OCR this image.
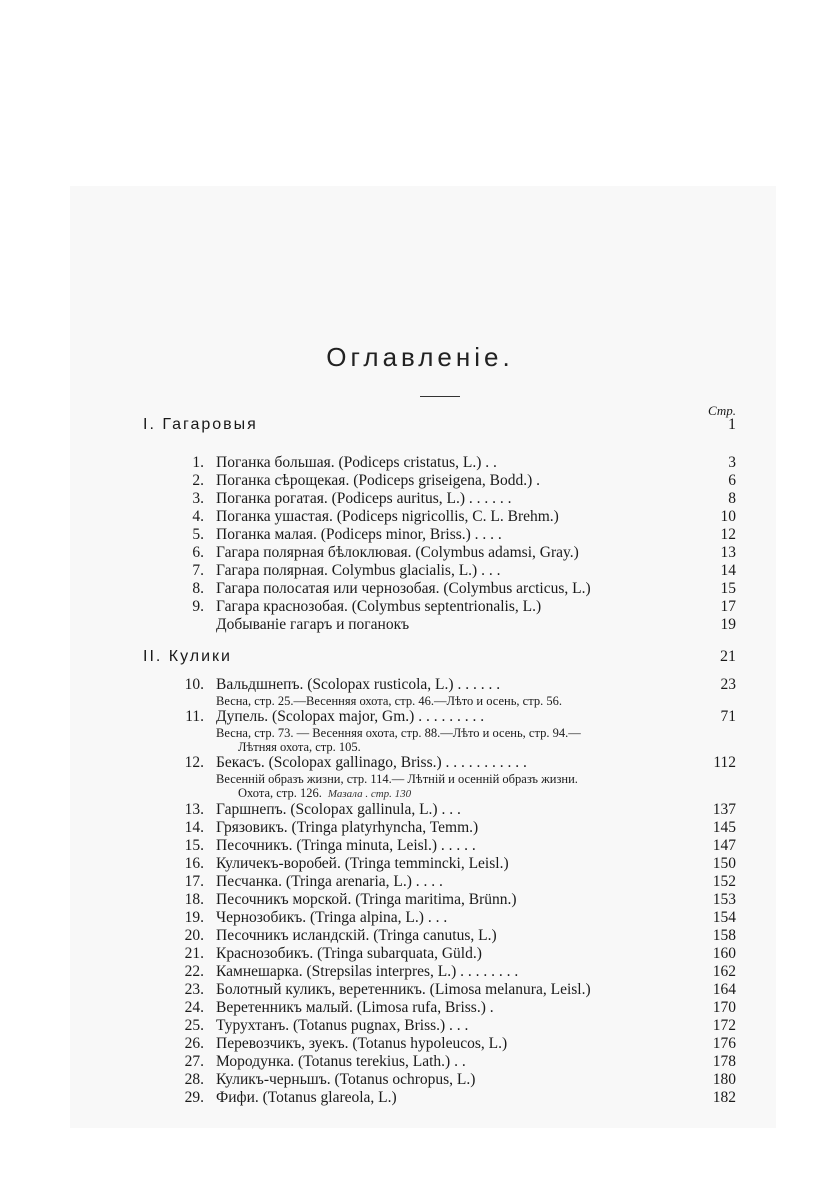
Оглавленіе.
Стр.
I. Гагаровыя	1
1. Поганка большая. (Podiceps cristatus, L.) . .	3
2. Поганка сѣрощекая. (Podiceps griseigena, Bodd.) .	6
3. Поганка рогатая. (Podiceps auritus, L.) . . . . . .	8
4. Поганка ушастая. (Podiceps nigricollis, C. L. Brehm.)	10
5. Поганка малая. (Podiceps minor, Briss.) . . . .	12
6. Гагара полярная бѣлоклювая. (Colymbus adamsi, Gray.)	13
7. Гагара полярная. Colymbus glacialis, L.) . . .	14
8. Гагара полосатая или чернозобая. (Colymbus arcticus, L.)	15
9. Гагара краснозобая. (Colymbus septentrionalis, L.)	17
Добываніе гагаръ и поганокъ	19
II. Кулики	21
10. Вальдшнепъ. (Scolopax rusticola, L.) . . . . . .	23
Весна, стр. 25.—Весенняя охота, стр. 46.—Лѣто и осень, стр. 56.
11. Дупель. (Scolopax major, Gm.) . . . . . . . . .	71
Весна, стр. 73. — Весенняя охота, стр. 88.—Лѣто и осень, стр. 94.—
Лѣтняя охота, стр. 105.
12. Бекасъ. (Scolopax gallinago, Briss.) . . . . . . . . . . .	112
Весенній образъ жизни, стр. 114.— Лѣтній и осенній образъ жизни.
Охота, стр. 126. Мазала . стр. 130
13. Гаршнепъ. (Scolopax gallinula, L.) . . .	137
14. Грязовикъ. (Tringa platyrhyncha, Temm.)	145
15. Песочникъ. (Tringa minuta, Leisl.) . . . . .	147
16. Куличекъ-воробей. (Tringa temmincki, Leisl.)	150
17. Песчанка. (Tringa arenaria, L.) . . . .	152
18. Песочникъ морской. (Tringa maritima, Brünn.)	153
19. Чернозобикъ. (Tringa alpina, L.) . . .	154
20. Песочникъ исландскій. (Tringa canutus, L.)	158
21. Краснозобикъ. (Tringa subarquata, Güld.)	160
22. Камнешарка. (Strepsilas interpres, L.) . . . . . . . .	162
23. Болотный куликъ, веретенникъ. (Limosa melanura, Leisl.)	164
24. Веретенникъ малый. (Limosa rufa, Briss.) .	170
25. Турухтанъ. (Totanus pugnax, Briss.) . . .	172
26. Перевозчикъ, зуекъ. (Totanus hypoleucos, L.)	176
27. Мородунка. (Totanus terekius, Lath.) . .	178
28. Куликъ-черньшъ. (Totanus ochropus, L.)	180
29. Фифи. (Totanus glareola, L.)	182
